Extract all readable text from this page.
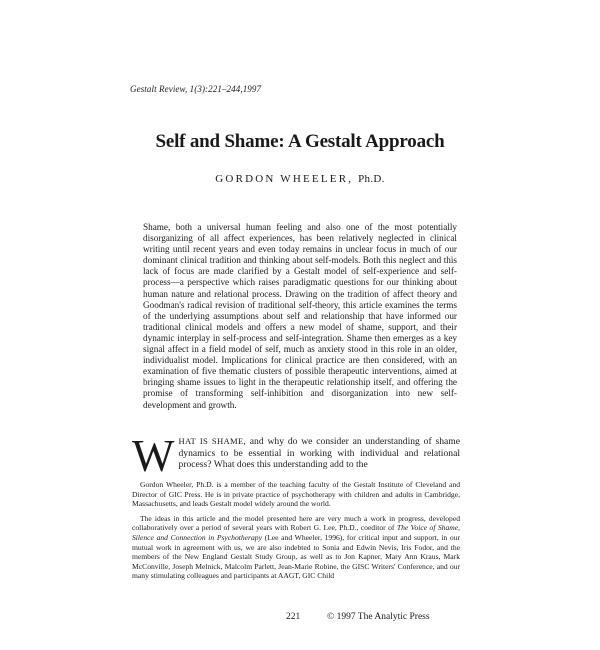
Gestalt Review, 1(3):221–244,1997
Self and Shame: A Gestalt Approach
GORDON WHEELER, Ph.D.

Shame, both a universal human feeling and also one of the most potentially disorganizing of all affect experiences, has been relatively neglected in clinical writing until recent years and even today remains in unclear focus in much of our dominant clinical tradition and thinking about self-models. Both this neglect and this lack of focus are made clarified by a Gestalt model of self-experience and self-process—a perspective which raises paradigmatic questions for our thinking about human nature and relational process. Drawing on the tradition of affect theory and Goodman's radical revision of traditional self-theory, this article examines the terms of the underlying assumptions about self and relationship that have informed our traditional clinical models and offers a new model of shame, support, and their dynamic interplay in self-process and self-integration. Shame then emerges as a key signal affect in a field model of self, much as anxiety stood in this role in an older, individualist model. Implications for clinical practice are then considered, with an examination of five thematic clusters of possible therapeutic interventions, aimed at bringing shame issues to light in the therapeutic relationship itself, and offering the promise of transforming self-inhibition and disorganization into new self-development and growth.

WHAT IS SHAME, and why do we consider an understanding of shame dynamics to be essential in working with individual and relational process? What does this understanding add to the

Gordon Wheeler, Ph.D. is a member of the teaching faculty of the Gestalt Institute of Cleveland and Director of GIC Press. He is in private practice of psychotherapy with children and adults in Cambridge, Massachusetts, and leads Gestalt model widely around the world.

The ideas in this article and the model presented here are very much a work in progress, developed collaboratively over a period of several years with Robert G. Lee, Ph.D., coeditor of The Voice of Shame, Silence and Connection in Psychotherapy (Lee and Wheeler, 1996), for critical input and support, in our mutual work in agreement with us, we are also indebted to Sonia and Edwin Nevis, Iris Fodor, and the members of the New England Gestalt Study Group, as well as to Jon Kapner, Mary Ann Kraus, Mark McConville, Joseph Melnick, Malcolm Parlett, Jean-Marie Robine, the GISC Writers' Conference, and our many stimulating colleagues and participants at AAGT, GIC Child

221	© 1997 The Analytic Press
